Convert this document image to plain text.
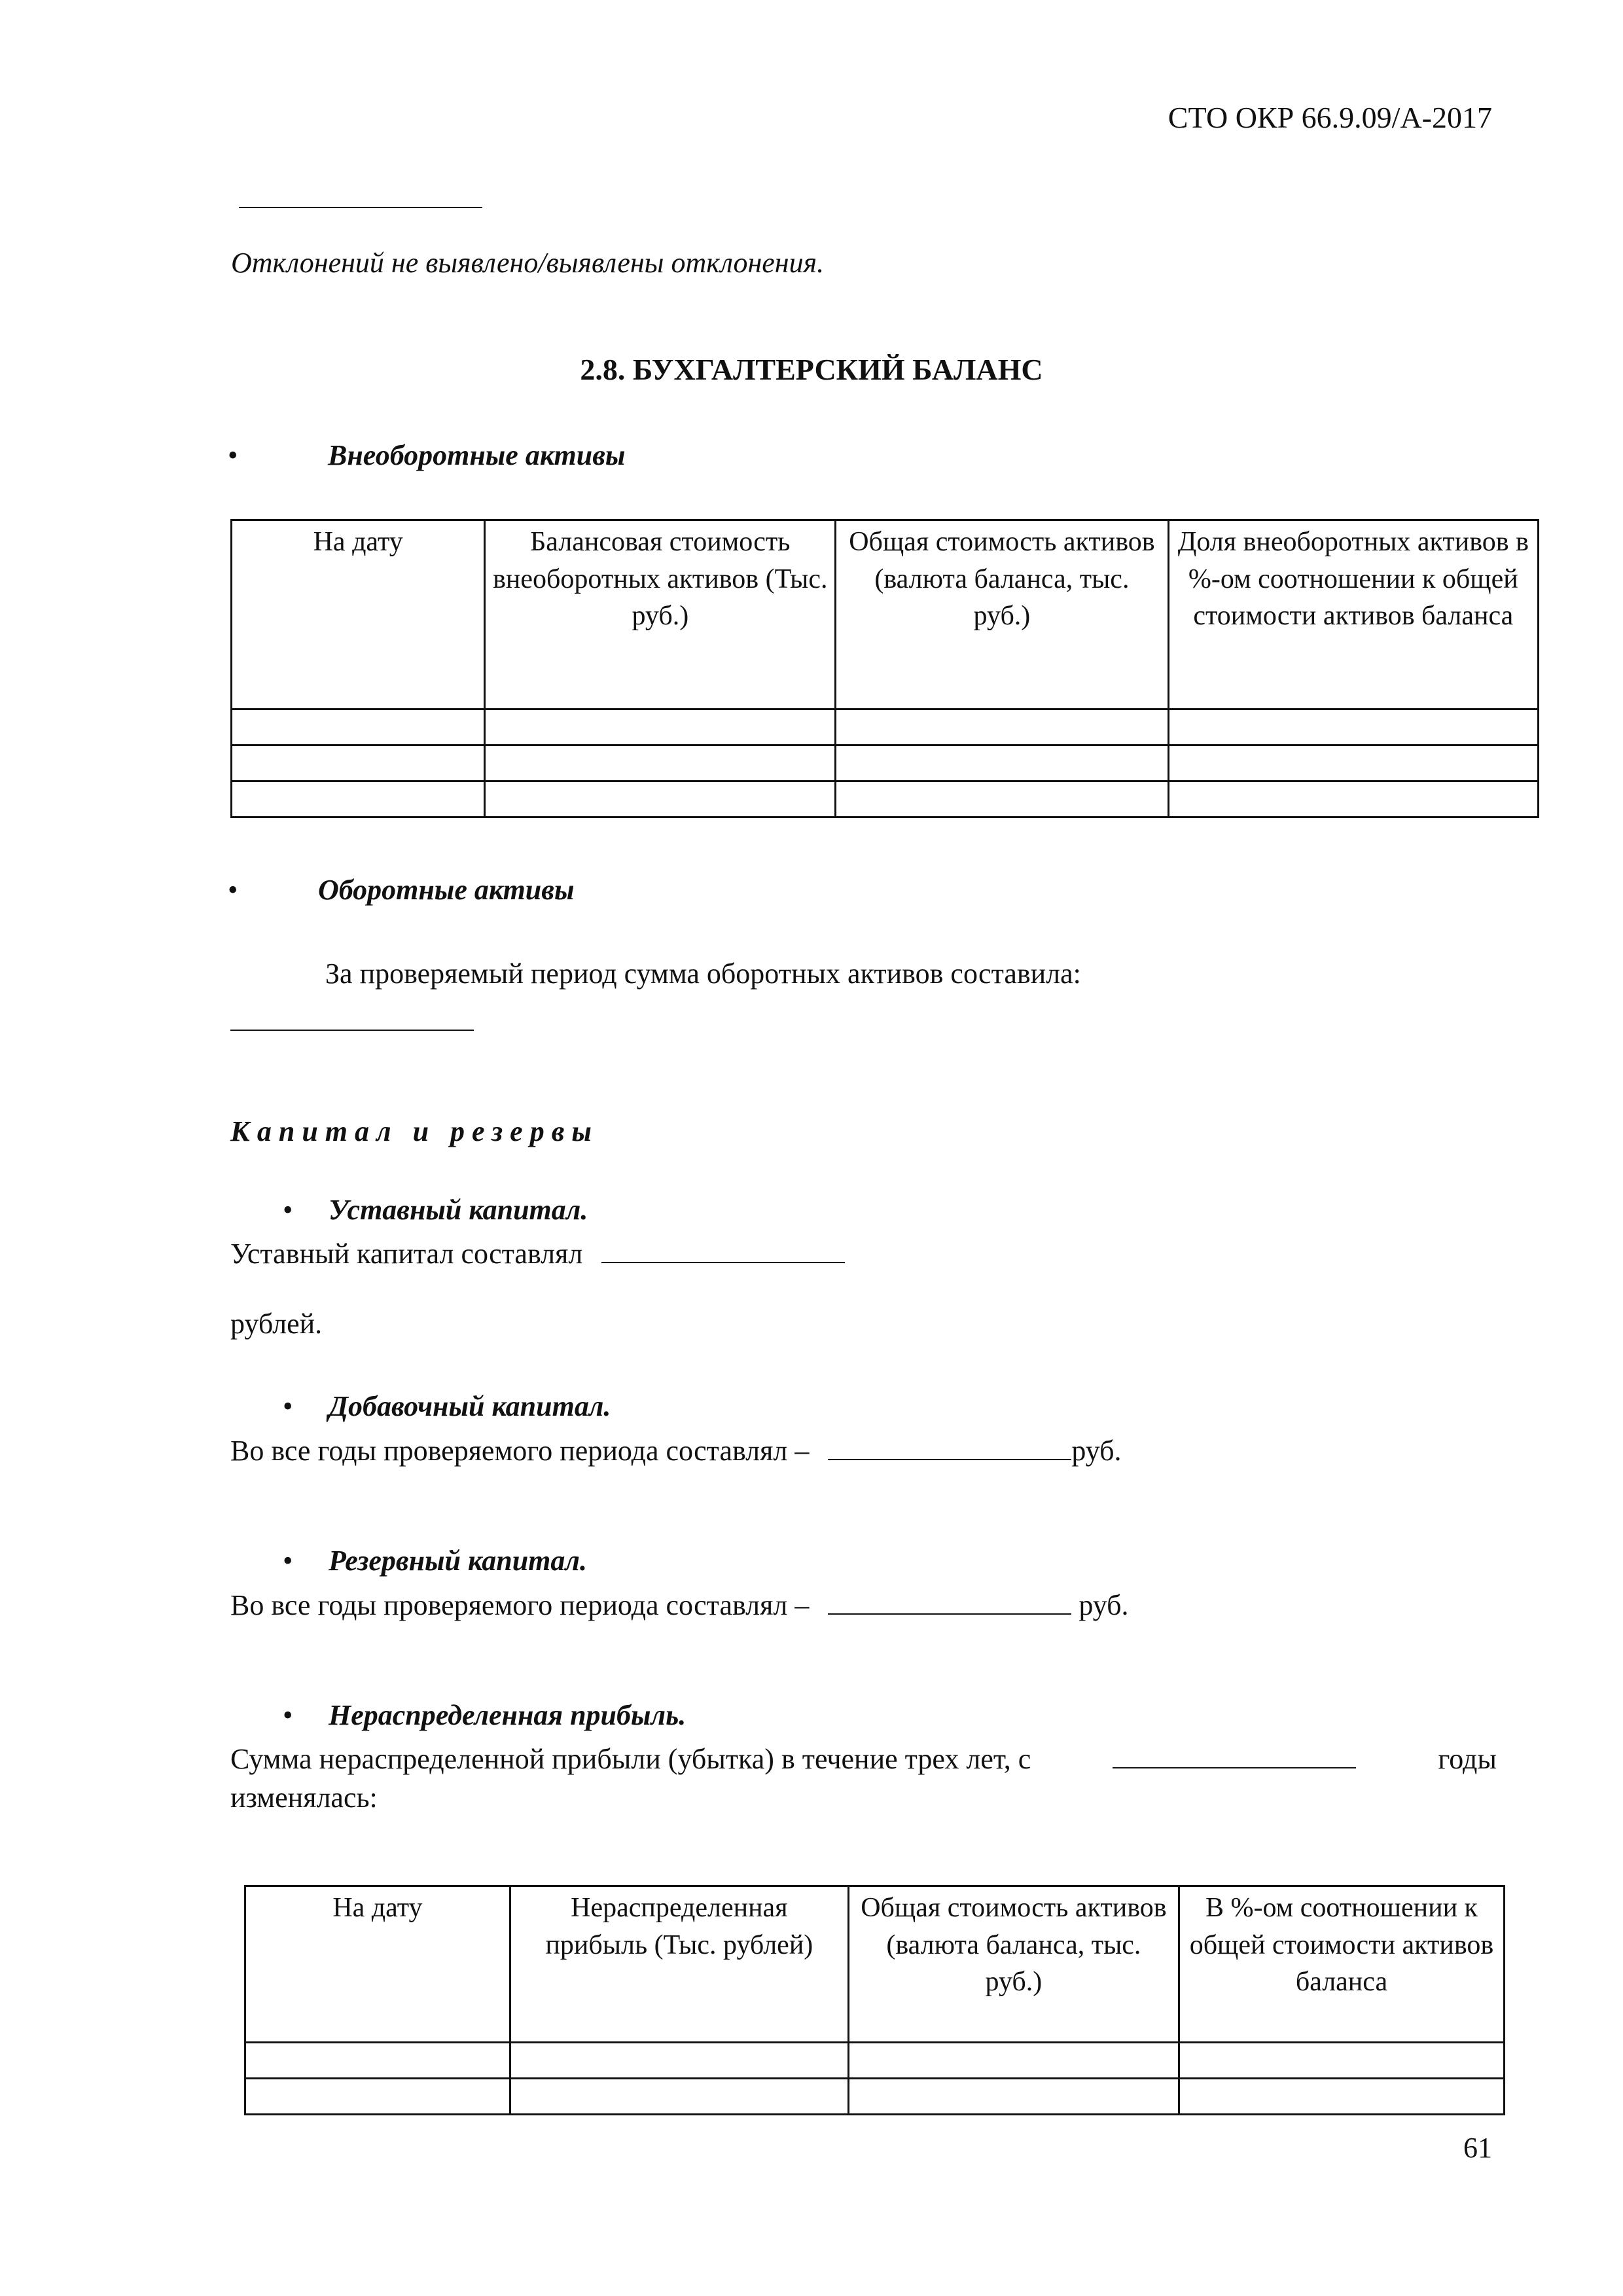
СТО ОКР 66.9.09/А-2017
Отклонений не выявлено/выявлены отклонения.
2.8. БУХГАЛТЕРСКИЙ БАЛАНС
•	Внеоборотные активы
На дату	Балансовая стоимость внеоборотных активов (Тыс. руб.)	Общая стоимость активов (валюта баланса, тыс. руб.)	Доля внеоборотных активов в %-ом соотношении к общей стоимости активов баланса

•	Оборотные активы
За проверяемый период сумма оборотных активов составила:
Капитал и резервы
• Уставный капитал.
Уставный капитал составлял
рублей.
• Добавочный капитал.
Во все годы проверяемого периода составлял –	руб.
• Резервный капитал.
Во все годы проверяемого периода составлял –	руб.
• Нераспределенная прибыль.
Сумма нераспределенной прибыли (убытка) в течение трех лет, с	годы
изменялась:
На дату	Нераспределенная прибыль (Тыс. рублей)	Общая стоимость активов (валюта баланса, тыс. руб.)	В %-ом соотношении к общей стоимости активов баланса

61
